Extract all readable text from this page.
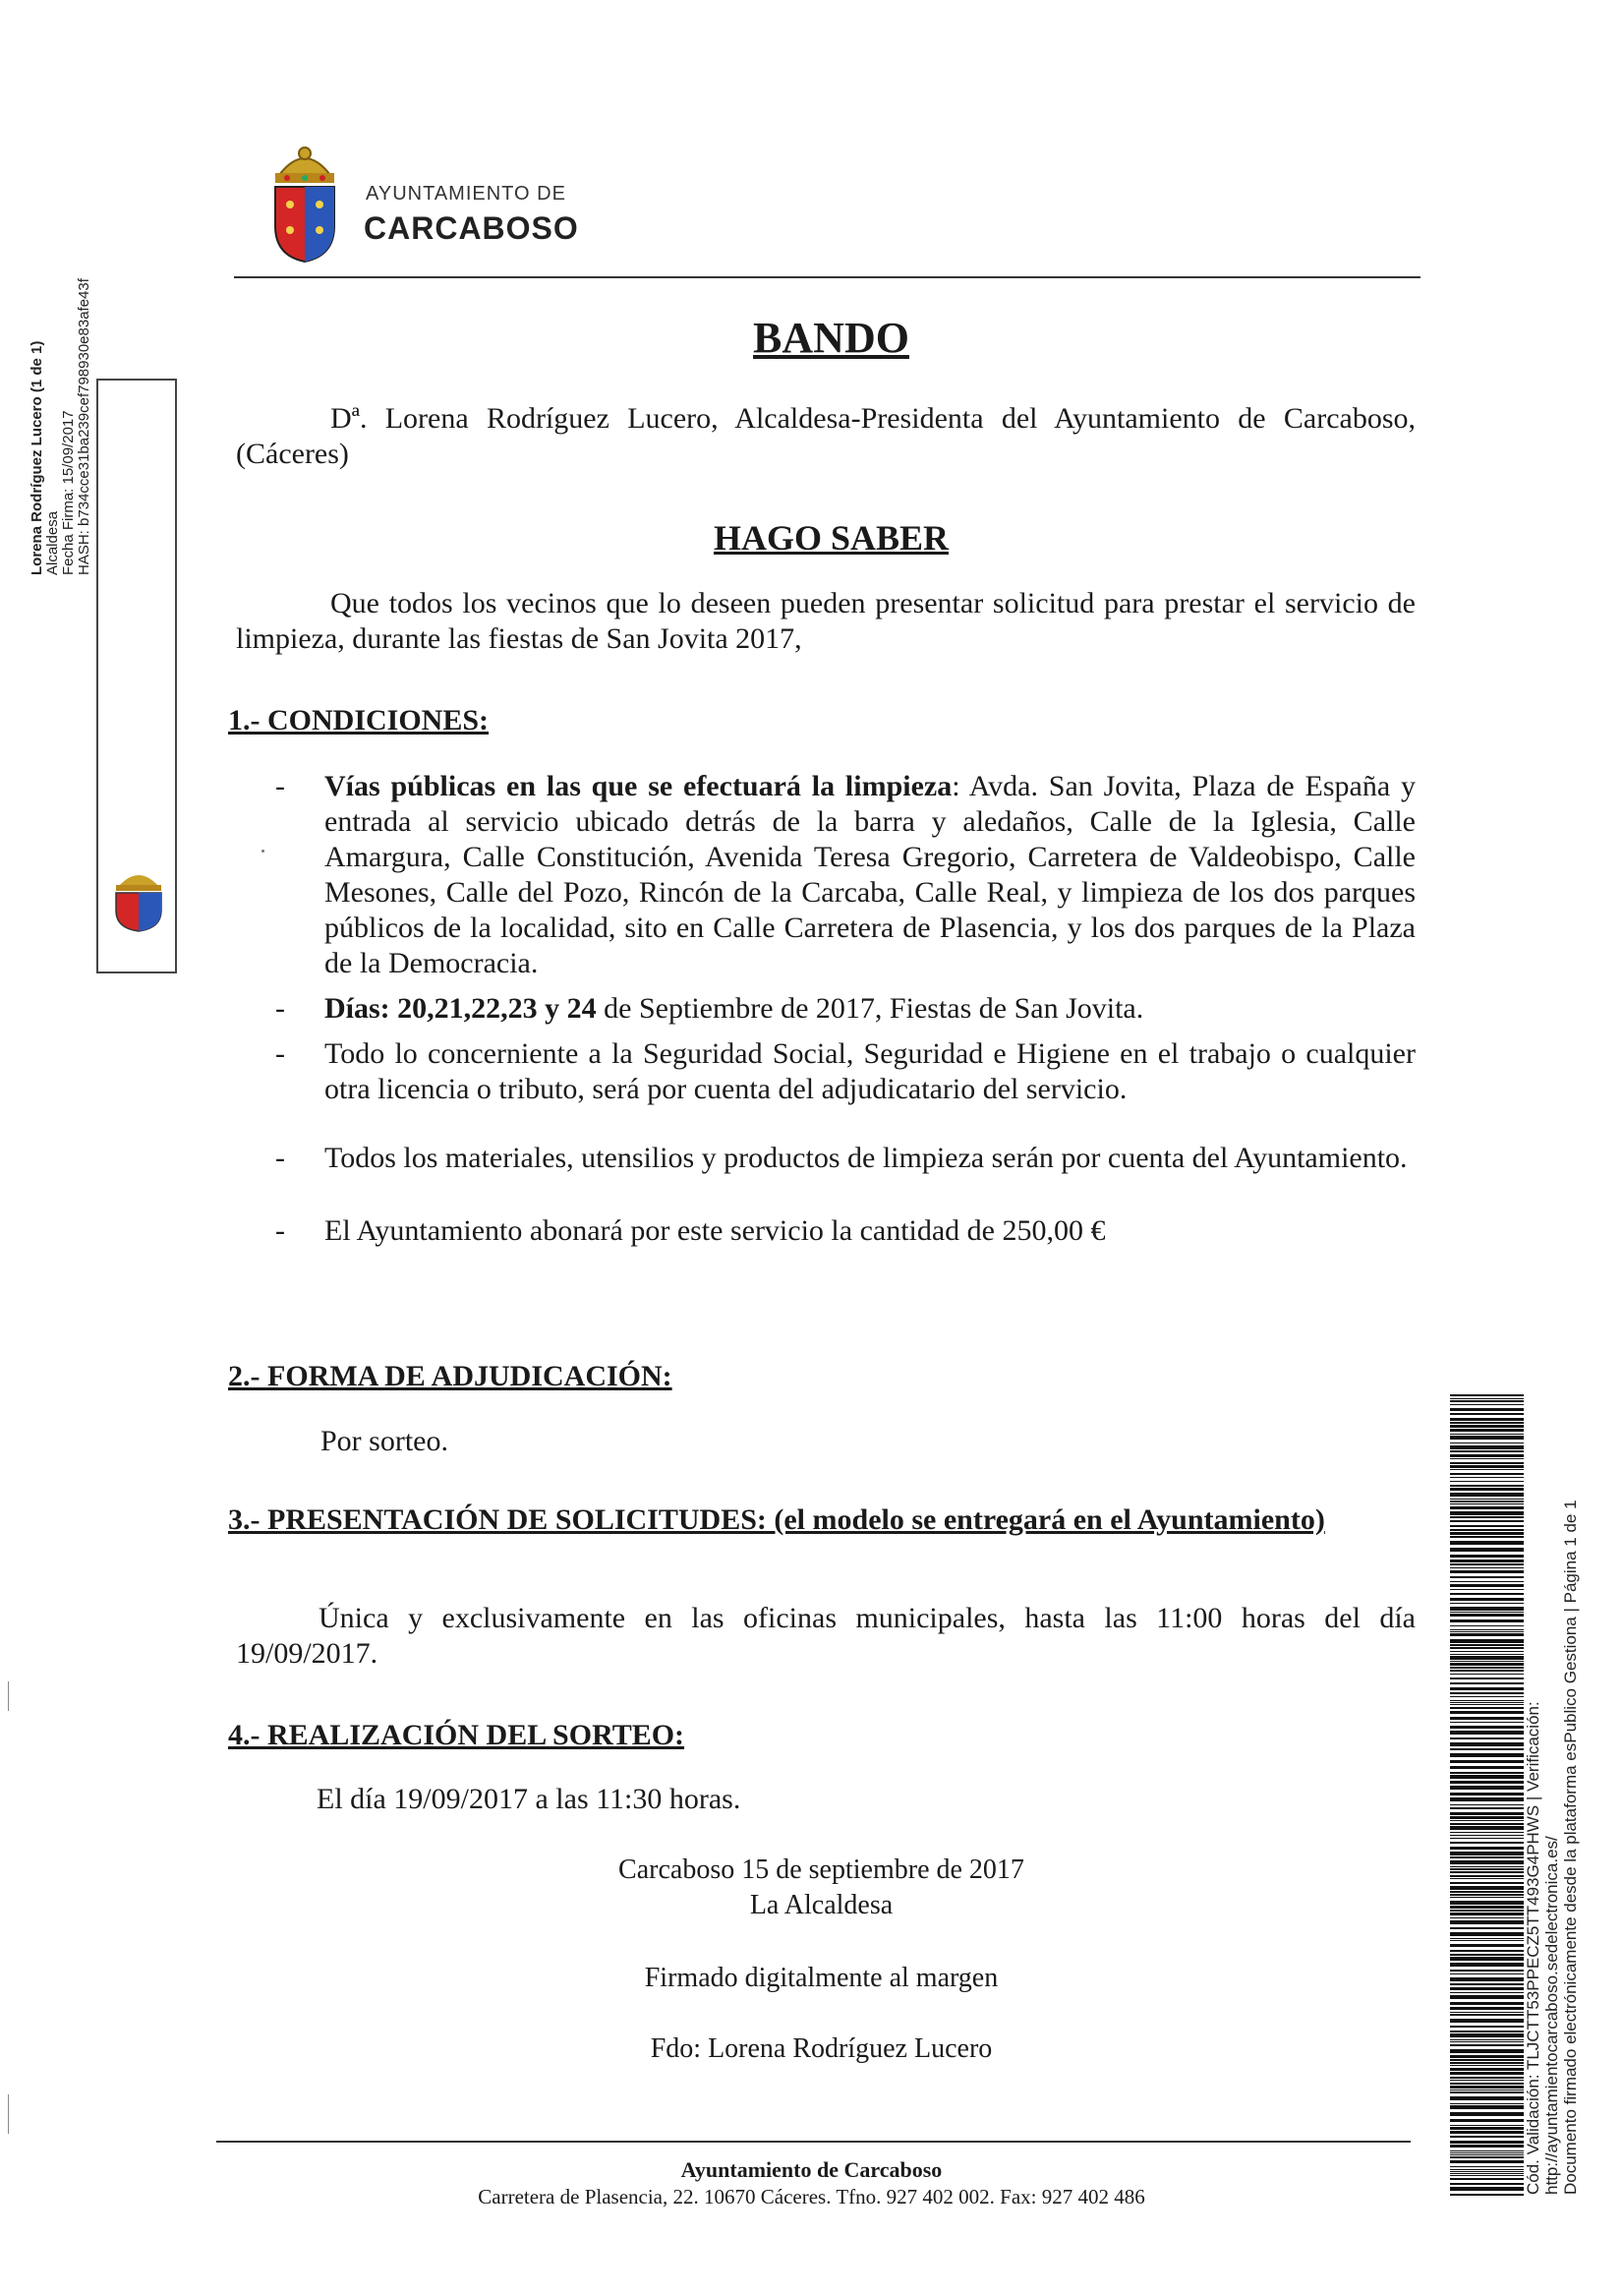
AYUNTAMIENTO DE
CARCABOSO
BANDO
Dª. Lorena Rodríguez Lucero, Alcaldesa-Presidenta del Ayuntamiento de Carcaboso, (Cáceres)
HAGO SABER
Que todos los vecinos que lo deseen pueden presentar solicitud para prestar el servicio de limpieza, durante las fiestas de San Jovita 2017,
1.- CONDICIONES:
- Vías públicas en las que se efectuará la limpieza: Avda. San Jovita, Plaza de España y entrada al servicio ubicado detrás de la barra y aledaños, Calle de la Iglesia, Calle Amargura, Calle Constitución, Avenida Teresa Gregorio, Carretera de Valdeobispo, Calle Mesones, Calle del Pozo, Rincón de la Carcaba, Calle Real, y limpieza de los dos parques públicos de la localidad, sito en Calle Carretera de Plasencia, y los dos parques de la Plaza de la Democracia.
- Días: 20,21,22,23 y 24 de Septiembre de 2017, Fiestas de San Jovita.
- Todo lo concerniente a la Seguridad Social, Seguridad e Higiene en el trabajo o cualquier otra licencia o tributo, será por cuenta del adjudicatario del servicio.
- Todos los materiales, utensilios y productos de limpieza serán por cuenta del Ayuntamiento.
- El Ayuntamiento abonará por este servicio la cantidad de 250,00 €
2.- FORMA DE ADJUDICACIÓN:
Por sorteo.
3.- PRESENTACIÓN DE SOLICITUDES: (el modelo se entregará en el Ayuntamiento)
Única y exclusivamente en las oficinas municipales, hasta las 11:00 horas del día 19/09/2017.
4.- REALIZACIÓN DEL SORTEO:
El día 19/09/2017 a las 11:30 horas.
Carcaboso 15 de septiembre de 2017
La Alcaldesa
Firmado digitalmente al margen
Fdo: Lorena Rodríguez Lucero
Ayuntamiento de Carcaboso
Carretera de Plasencia, 22. 10670 Cáceres. Tfno. 927 402 002. Fax: 927 402 486
Lorena Rodríguez Lucero (1 de 1) Alcaldesa Fecha Firma: 15/09/2017 HASH: b734cce31ba239cef798930e83afe43f
Cód. Validación: TLJCTT53PPECZ5TT493G4PHWS | Verificación: http://ayuntamientocarcaboso.sedelectronica.es/ Documento firmado electrónicamente desde la plataforma esPublico Gestiona | Página 1 de 1
